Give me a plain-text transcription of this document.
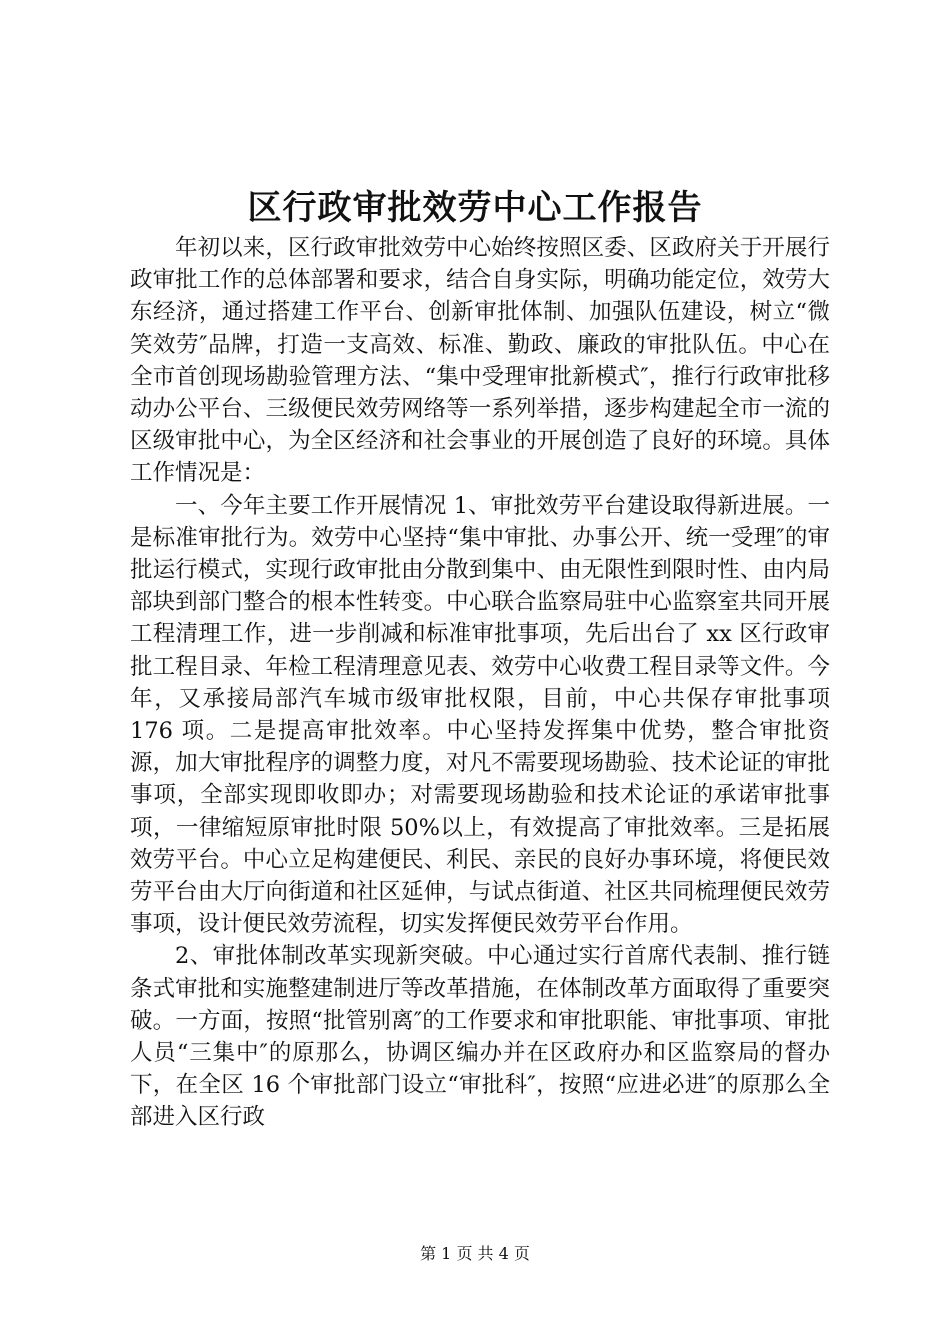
区行政审批效劳中心工作报告

年初以来，区行政审批效劳中心始终按照区委、区政府关于开展行政审批工作的总体部署和要求，结合自身实际，明确功能定位，效劳大东经济，通过搭建工作平台、创新审批体制、加强队伍建设，树立“微笑效劳″品牌，打造一支高效、标准、勤政、廉政的审批队伍。中心在全市首创现场勘验管理方法、“集中受理审批新模式″，推行行政审批移动办公平台、三级便民效劳网络等一系列举措，逐步构建起全市一流的区级审批中心，为全区经济和社会事业的开展创造了良好的环境。具体工作情况是：

一、今年主要工作开展情况 1、审批效劳平台建设取得新进展。一是标准审批行为。效劳中心坚持“集中审批、办事公开、统一受理″的审批运行模式，实现行政审批由分散到集中、由无限性到限时性、由内局部块到部门整合的根本性转变。中心联合监察局驻中心监察室共同开展工程清理工作，进一步削减和标准审批事项，先后出台了 xx 区行政审批工程目录、年检工程清理意见表、效劳中心收费工程目录等文件。今年，又承接局部汽车城市级审批权限，目前，中心共保存审批事项 176 项。二是提高审批效率。中心坚持发挥集中优势，整合审批资源，加大审批程序的调整力度，对凡不需要现场勘验、技术论证的审批事项，全部实现即收即办；对需要现场勘验和技术论证的承诺审批事项，一律缩短原审批时限 50%以上，有效提高了审批效率。三是拓展效劳平台。中心立足构建便民、利民、亲民的良好办事环境，将便民效劳平台由大厅向街道和社区延伸，与试点街道、社区共同梳理便民效劳事项，设计便民效劳流程，切实发挥便民效劳平台作用。

2、审批体制改革实现新突破。中心通过实行首席代表制、推行链条式审批和实施整建制进厅等改革措施，在体制改革方面取得了重要突破。一方面，按照“批管别离″的工作要求和审批职能、审批事项、审批人员“三集中″的原那么，协调区编办并在区政府办和区监察局的督办下，在全区 16 个审批部门设立“审批科″，按照“应进必进″的原那么全部进入区行政

第 1 页 共 4 页
